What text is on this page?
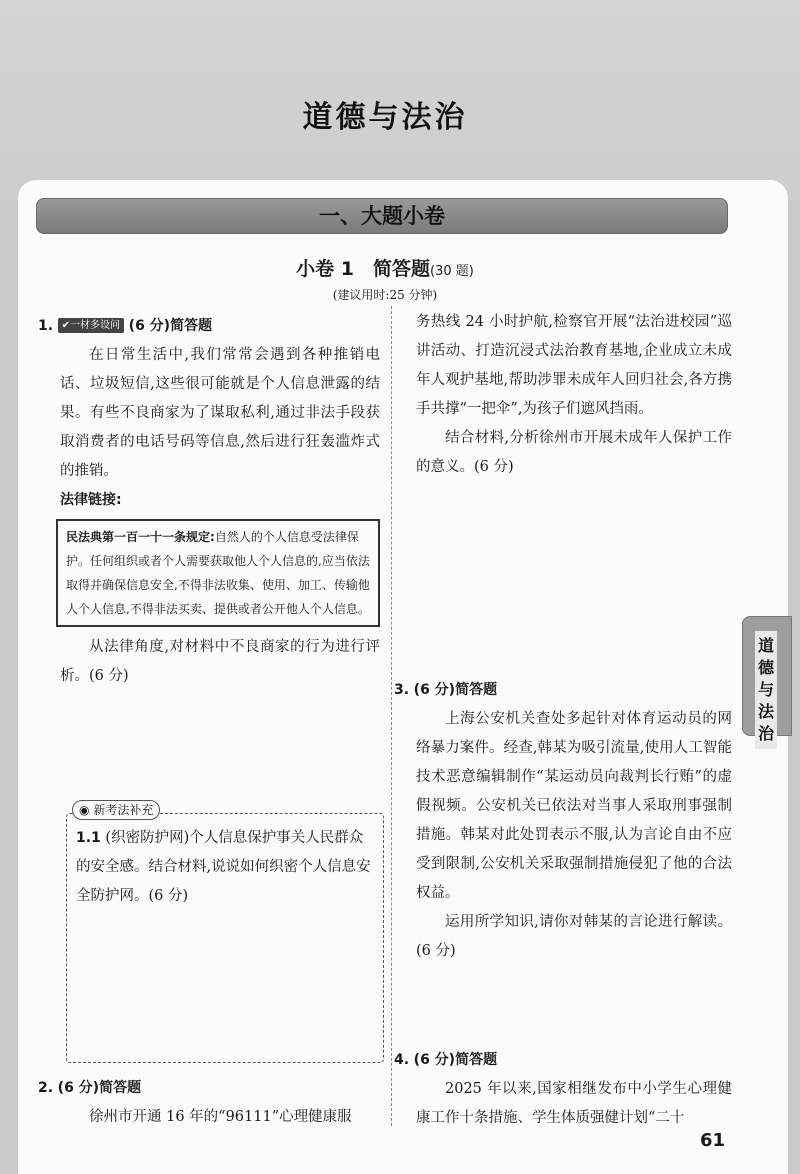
道德与法治
一、大题小卷
小卷 1　简答题(30 题)
(建议用时:25 分钟)
1. ✔一材多设问 (6 分)简答题
在日常生活中,我们常常会遇到各种推销电话、垃圾短信,这些很可能就是个人信息泄露的结果。有些不良商家为了谋取私利,通过非法手段获取消费者的电话号码等信息,然后进行狂轰滥炸式的推销。
法律链接:
民法典第一百一十一条规定:自然人的个人信息受法律保护。任何组织或者个人需要获取他人个人信息的,应当依法取得并确保信息安全,不得非法收集、使用、加工、传输他人个人信息,不得非法买卖、提供或者公开他人个人信息。
从法律角度,对材料中不良商家的行为进行评析。(6 分)
◉ 新考法补充
1.1 (织密防护网)个人信息保护事关人民群众的安全感。结合材料,说说如何织密个人信息安全防护网。(6 分)
2. (6 分)简答题
徐州市开通 16 年的“96111”心理健康服
务热线 24 小时护航,检察官开展“法治进校园”巡讲活动、打造沉浸式法治教育基地,企业成立未成年人观护基地,帮助涉罪未成年人回归社会,各方携手共撑“一把伞”,为孩子们遮风挡雨。
结合材料,分析徐州市开展未成年人保护工作的意义。(6 分)
3. (6 分)简答题
上海公安机关查处多起针对体育运动员的网络暴力案件。经查,韩某为吸引流量,使用人工智能技术恶意编辑制作“某运动员向裁判长行贿”的虚假视频。公安机关已依法对当事人采取刑事强制措施。韩某对此处罚表示不服,认为言论自由不应受到限制,公安机关采取强制措施侵犯了他的合法权益。
运用所学知识,请你对韩某的言论进行解读。(6 分)
4. (6 分)简答题
2025 年以来,国家相继发布中小学生心理健康工作十条措施、学生体质强健计划“二十
道德与法治
61
